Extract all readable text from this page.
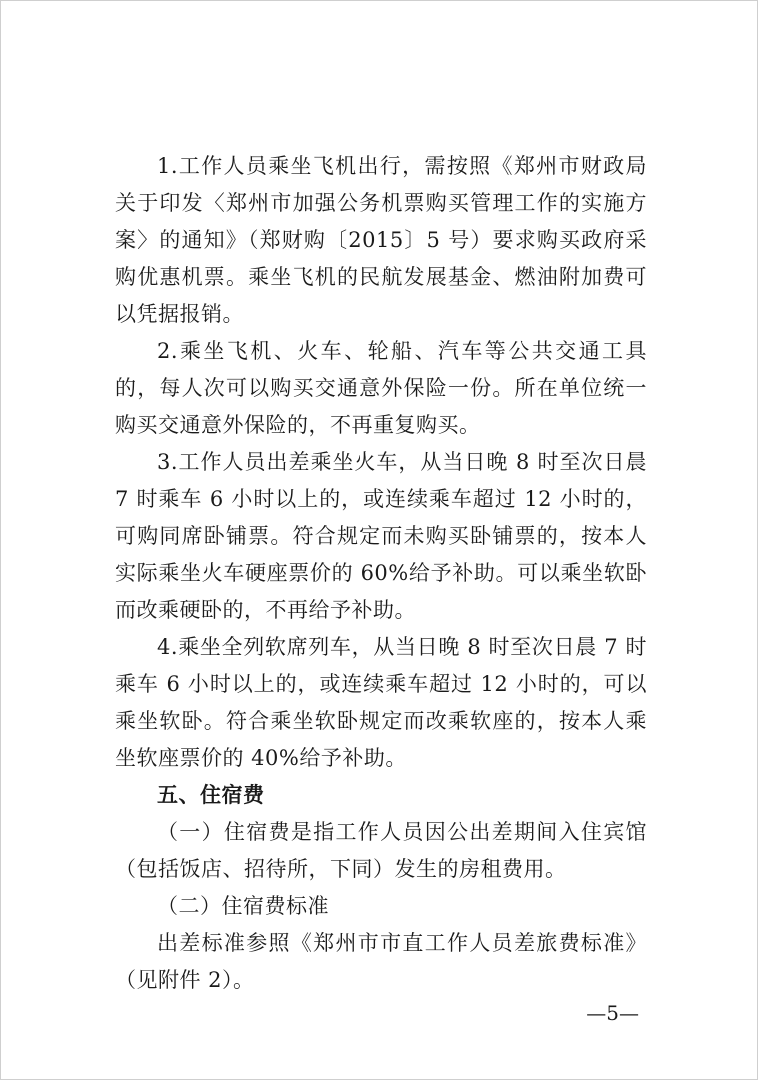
1.工作人员乘坐飞机出行，需按照《郑州市财政局关于印发〈郑州市加强公务机票购买管理工作的实施方案〉的通知》（郑财购〔2015〕5 号）要求购买政府采购优惠机票。乘坐飞机的民航发展基金、燃油附加费可以凭据报销。

2.乘坐飞机、火车、轮船、汽车等公共交通工具的，每人次可以购买交通意外保险一份。所在单位统一购买交通意外保险的，不再重复购买。

3.工作人员出差乘坐火车，从当日晚 8 时至次日晨 7 时乘车 6 小时以上的，或连续乘车超过 12 小时的，可购同席卧铺票。符合规定而未购买卧铺票的，按本人实际乘坐火车硬座票价的 60%给予补助。可以乘坐软卧而改乘硬卧的，不再给予补助。

4.乘坐全列软席列车，从当日晚 8 时至次日晨 7 时乘车 6 小时以上的，或连续乘车超过 12 小时的，可以乘坐软卧。符合乘坐软卧规定而改乘软座的，按本人乘坐软座票价的 40%给予补助。

五、住宿费

（一）住宿费是指工作人员因公出差期间入住宾馆（包括饭店、招待所，下同）发生的房租费用。

（二）住宿费标准

出差标准参照《郑州市市直工作人员差旅费标准》（见附件 2）。

—5—
